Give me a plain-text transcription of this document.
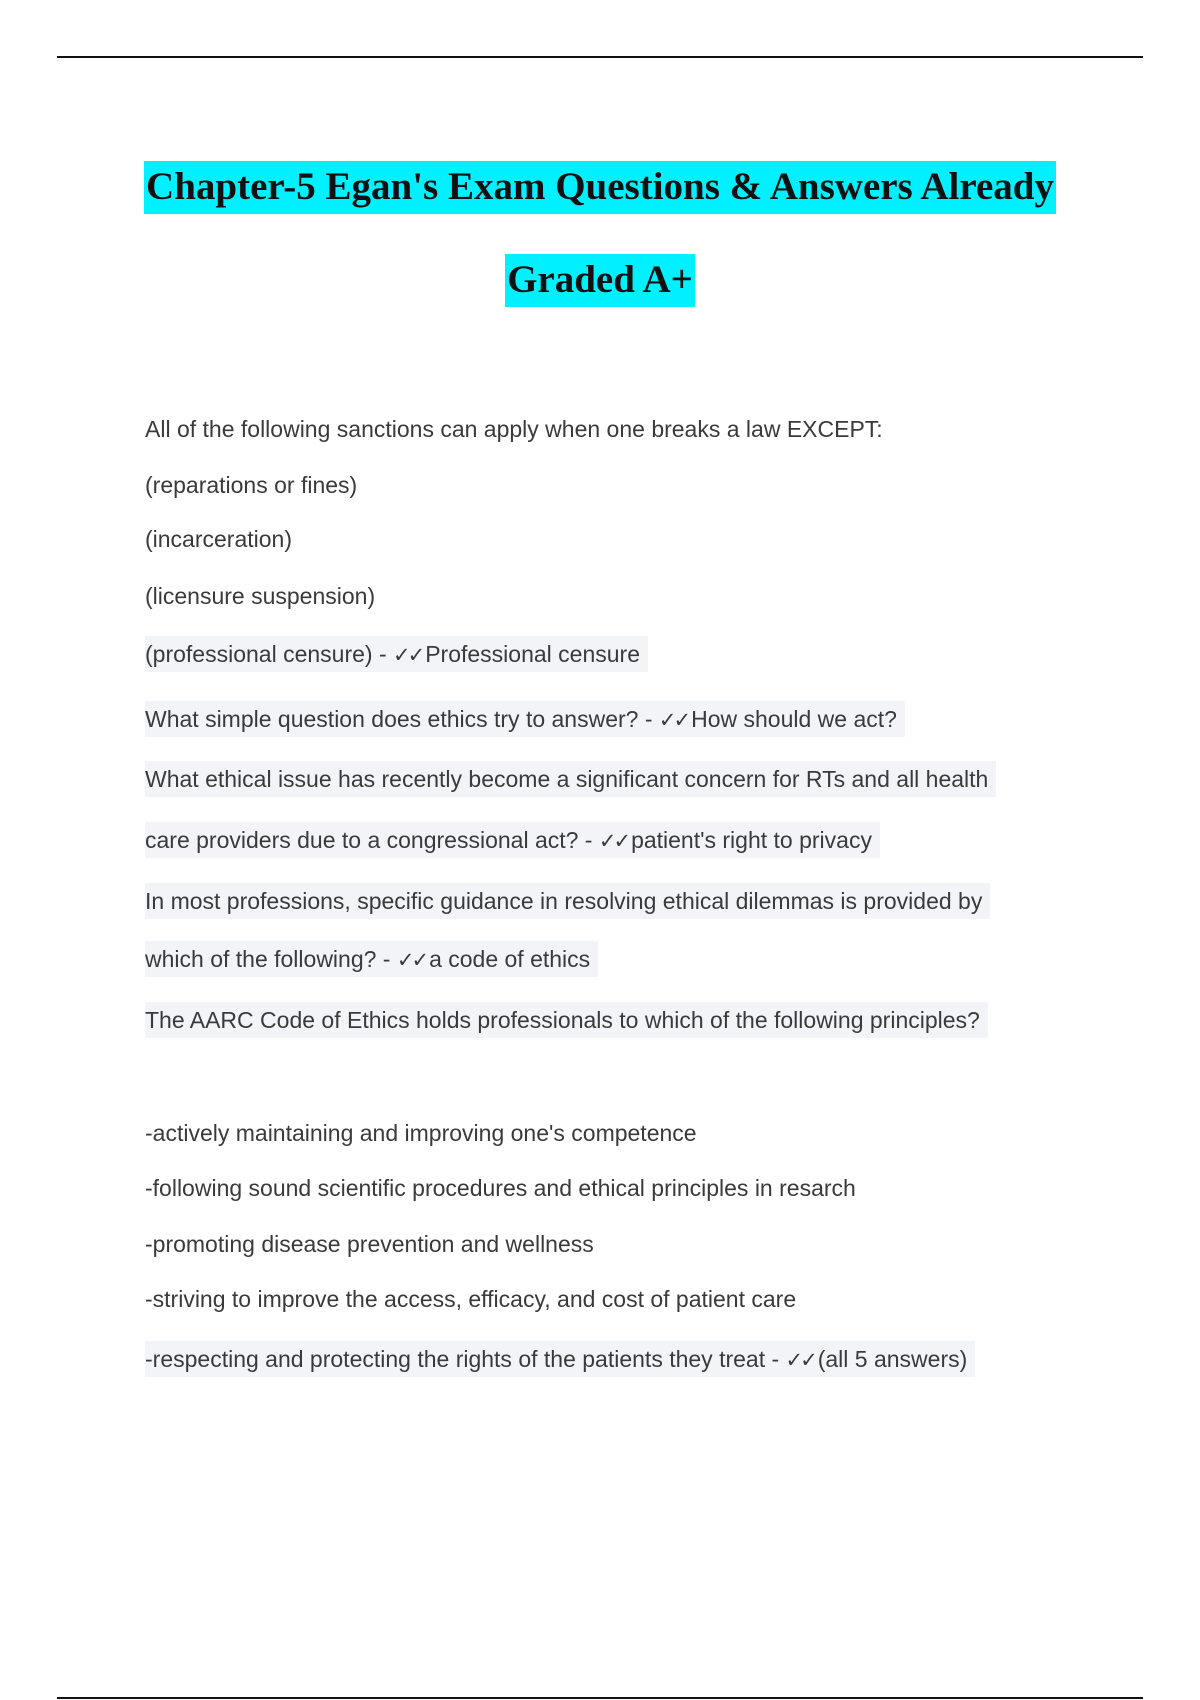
Chapter-5 Egan's Exam Questions & Answers Already
Graded A+
All of the following sanctions can apply when one breaks a law EXCEPT:
(reparations or fines)
(incarceration)
(licensure suspension)
(professional censure) - ✓✓ Professional censure
What simple question does ethics try to answer? - ✓✓ How should we act?
What ethical issue has recently become a significant concern for RTs and all health
care providers due to a congressional act? - ✓✓ patient's right to privacy
In most professions, specific guidance in resolving ethical dilemmas is provided by
which of the following? - ✓✓ a code of ethics
The AARC Code of Ethics holds professionals to which of the following principles?
-actively maintaining and improving one's competence
-following sound scientific procedures and ethical principles in resarch
-promoting disease prevention and wellness
-striving to improve the access, efficacy, and cost of patient care
-respecting and protecting the rights of the patients they treat - ✓✓ (all 5 answers)
